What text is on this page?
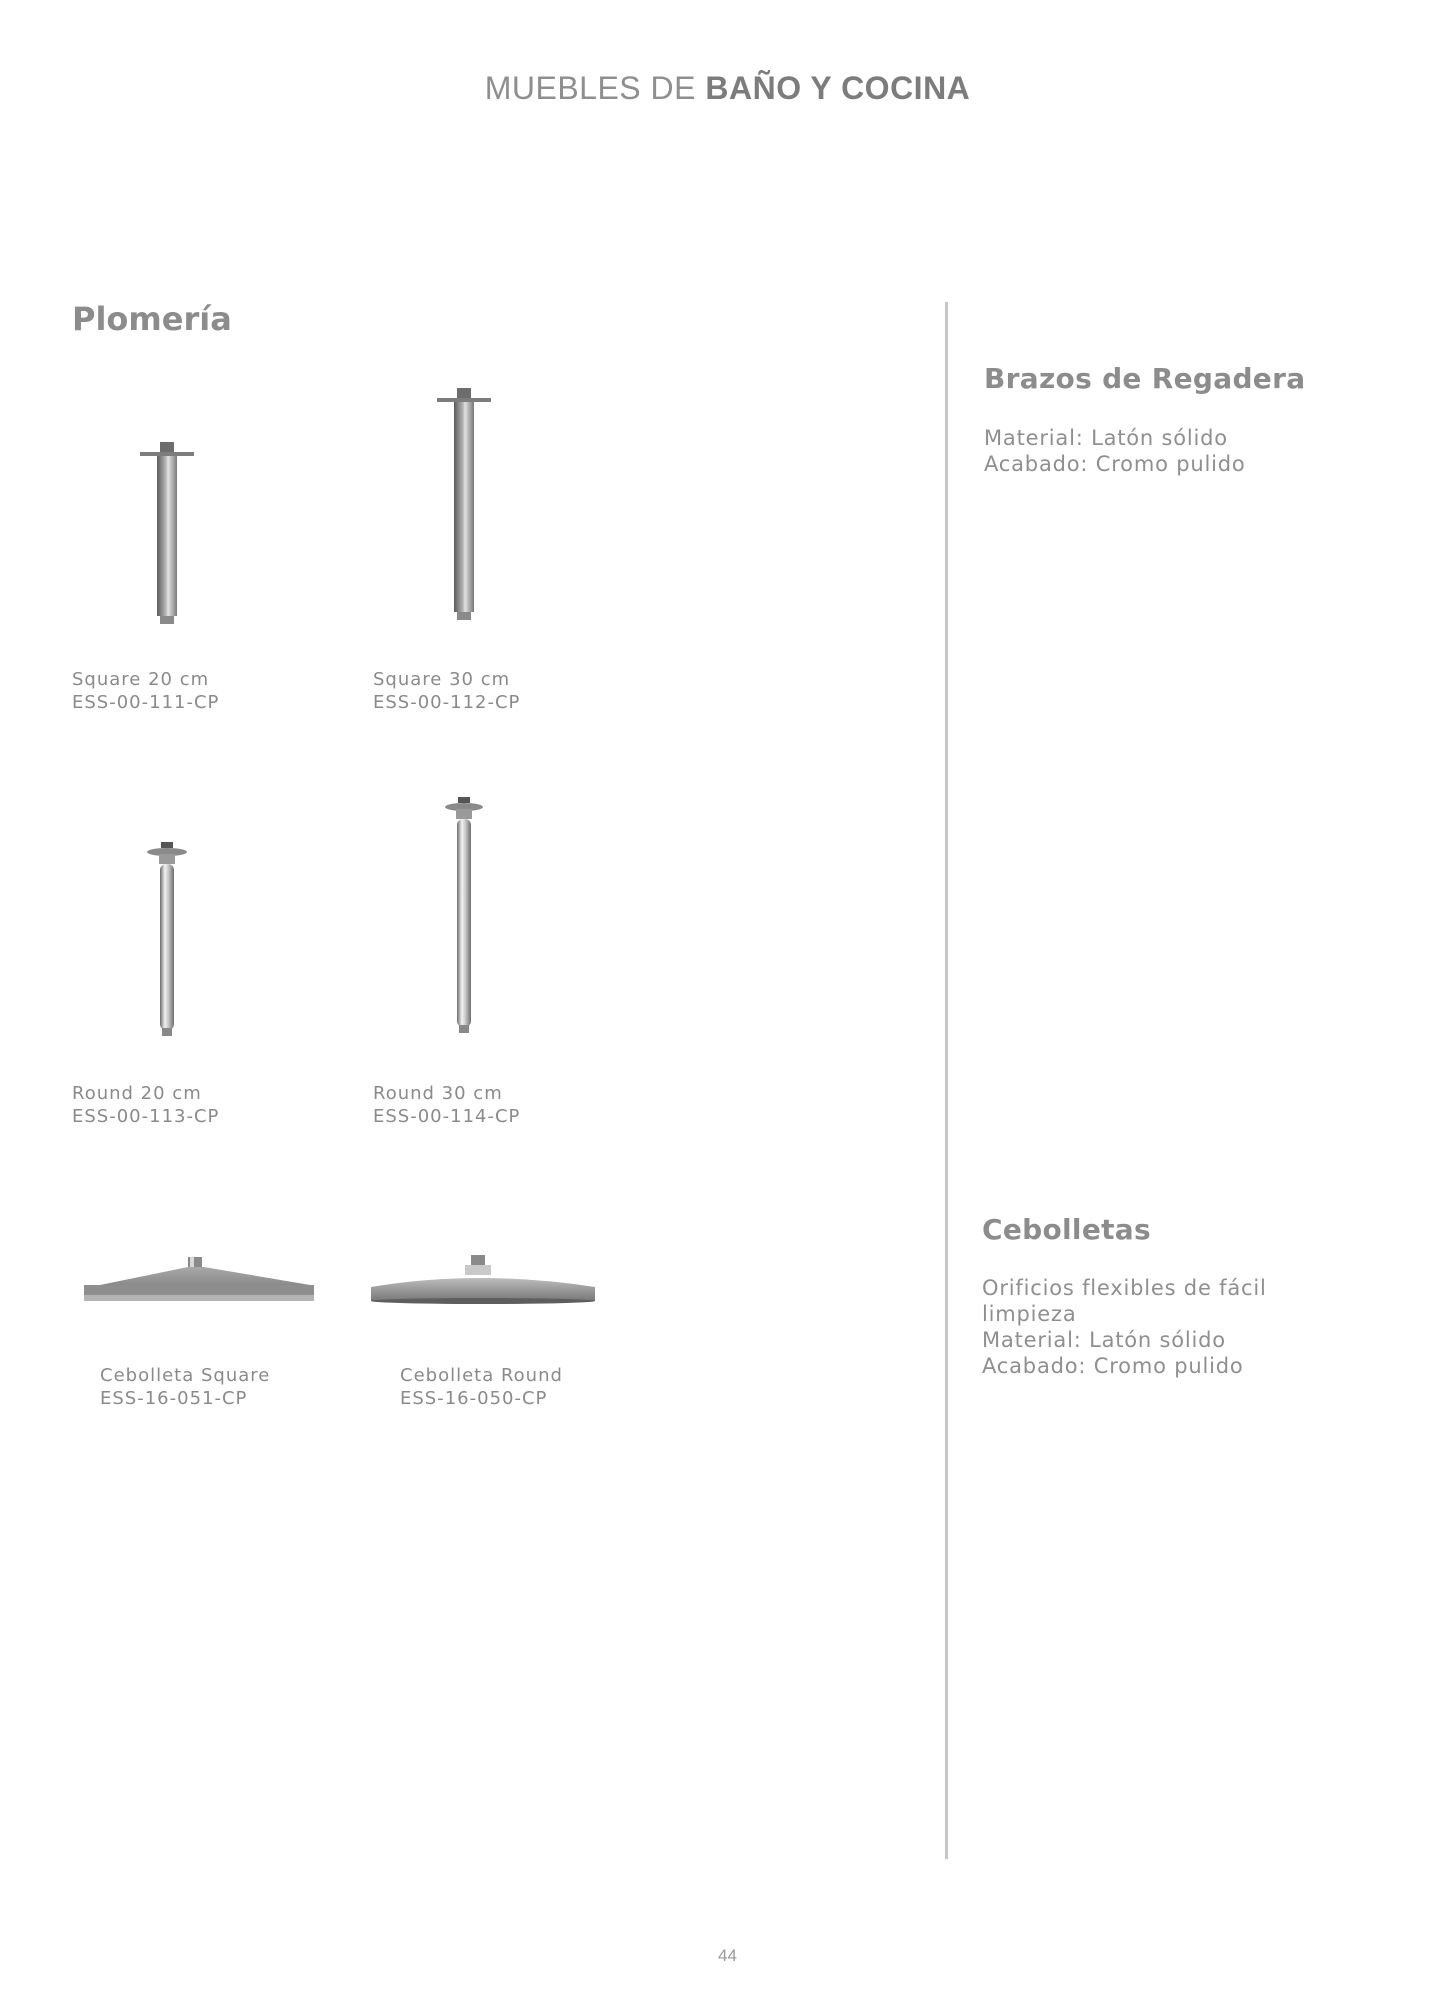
MUEBLES DE BAÑO Y COCINA
Plomería
Square 20 cm
ESS-00-111-CP
Square 30 cm
ESS-00-112-CP
Round 20 cm
ESS-00-113-CP
Round 30 cm
ESS-00-114-CP
Cebolleta Square
ESS-16-051-CP
Cebolleta Round
ESS-16-050-CP
Brazos de Regadera
Material: Latón sólido
Acabado: Cromo pulido
Cebolletas
Orificios flexibles de fácil
limpieza
Material: Latón sólido
Acabado: Cromo pulido
44
